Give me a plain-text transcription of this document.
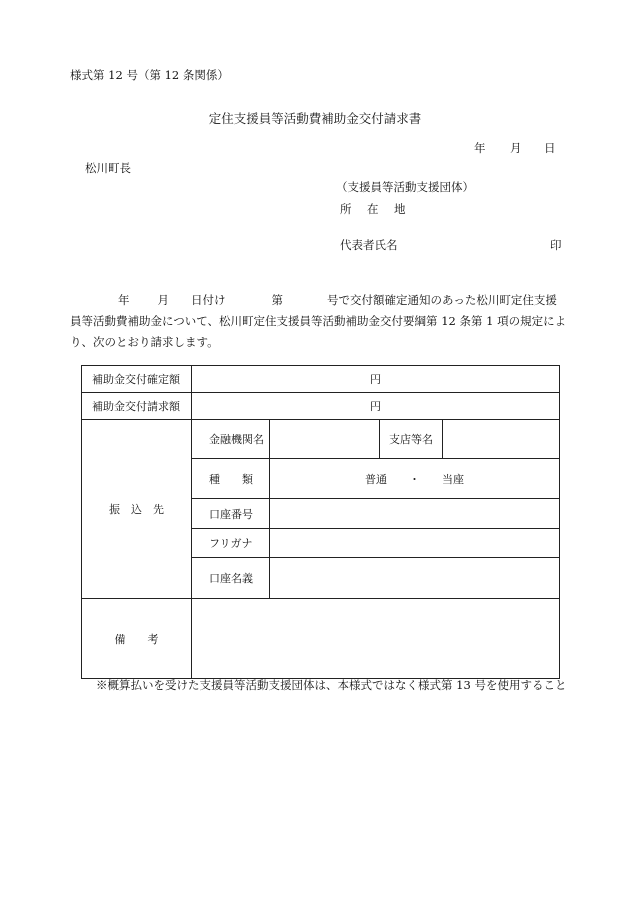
様式第 12 号（第 12 条関係）
定住支援員等活動費補助金交付請求書
年 月 日
松川町長
（支援員等活動支援団体）
所　在　地
代表者氏名	印
年 月 日付け	第	号で交付額確定通知のあった松川町定住支援
員等活動費補助金について、松川町定住支援員等活動補助金交付要綱第 12 条第 1 項の規定によ
り、次のとおり請求します。
補助金交付確定額	円			
補助金交付請求額	円			
振　込　先	金融機関名		支店等名	
	種　　類	普通　　・　　当座		
	口座番号			
	フリガナ			
	口座名義			
備　　考				
※概算払いを受けた支援員等活動支援団体は、本様式ではなく様式第 13 号を使用すること
